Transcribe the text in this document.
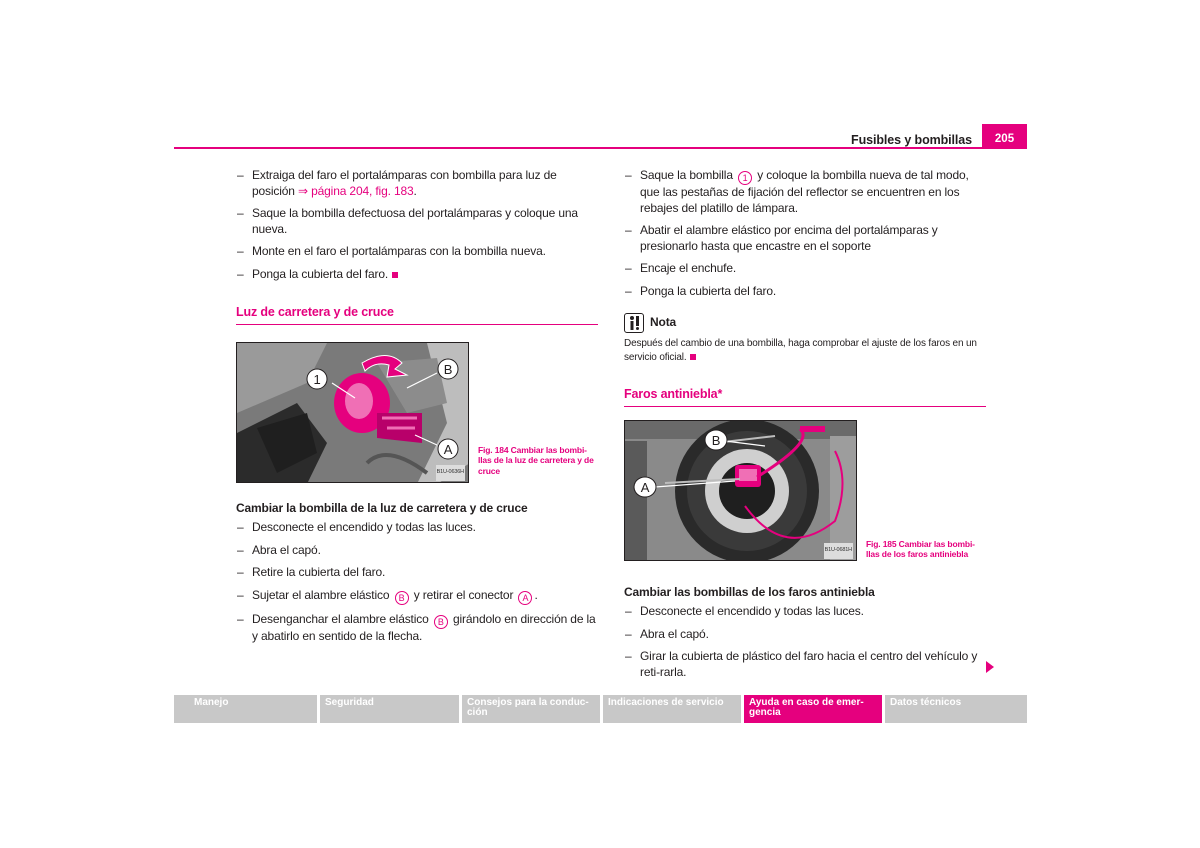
Fusibles y bombillas	205
– Extraiga del faro el portalámparas con bombilla para luz de posición ⇒ página 204, fig. 183.
– Saque la bombilla defectuosa del portalámparas y coloque una nueva.
– Monte en el faro el portalámparas con la bombilla nueva.
– Ponga la cubierta del faro.
Luz de carretera y de cruce
1
B
A
B1U-0636H
Fig. 184 Cambiar las bombi-llas de la luz de carretera y de cruce
Cambiar la bombilla de la luz de carretera y de cruce
– Desconecte el encendido y todas las luces.
– Abra el capó.
– Retire la cubierta del faro.
– Sujetar el alambre elástico B y retirar el conector A .
– Desenganchar el alambre elástico B girándolo en dirección de la y abatirlo en sentido de la flecha.
– Saque la bombilla 1 y coloque la bombilla nueva de tal modo, que las pestañas de fijación del reflector se encuentren en los rebajes del platillo de lámpara.
– Abatir el alambre elástico por encima del portalámparas y presionarlo hasta que encastre en el soporte
– Encaje el enchufe.
– Ponga la cubierta del faro.
Nota
Después del cambio de una bombilla, haga comprobar el ajuste de los faros en un servicio oficial.
Faros antiniebla*
B
A
B1U-0681H
Fig. 185 Cambiar las bombi-llas de los faros antiniebla
Cambiar las bombillas de los faros antiniebla
– Desconecte el encendido y todas las luces.
– Abra el capó.
– Girar la cubierta de plástico del faro hacia el centro del vehículo y reti-rarla.
Manejo	Seguridad	Consejos para la conduc-ción
Indicaciones de servicio	Ayuda en caso de emer-gencia
Datos técnicos
